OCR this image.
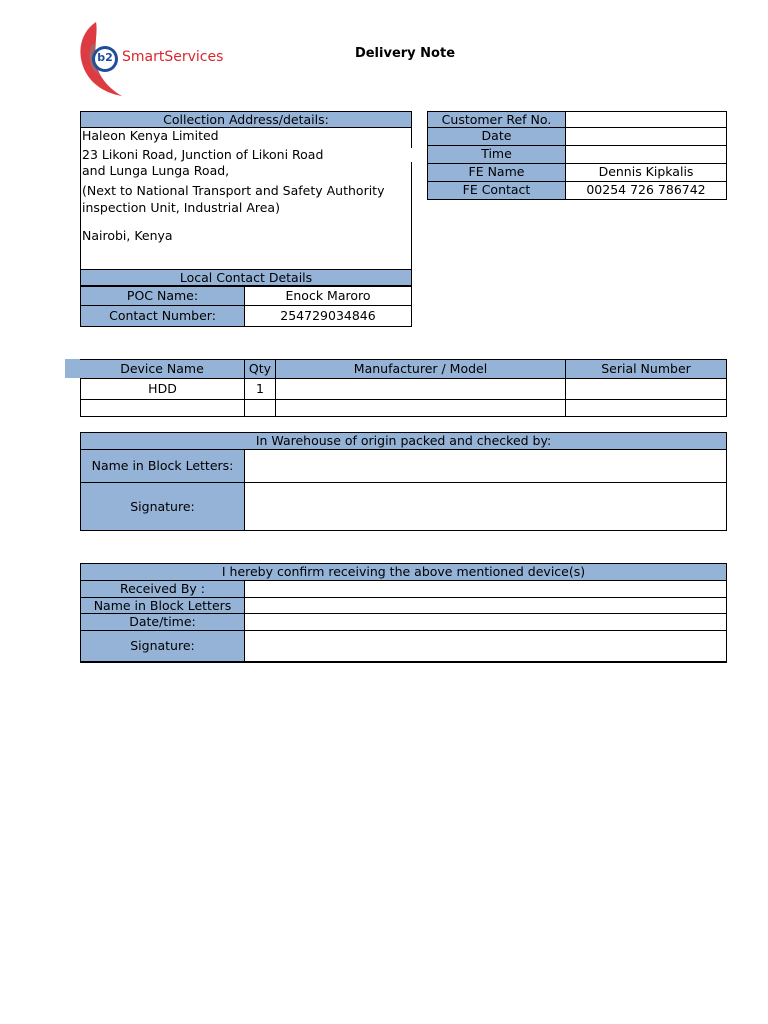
b2 SmartServices	Delivery Note
Collection Address/details:
Haleon Kenya Limited
23 Likoni Road, Junction of Likoni Road
and Lunga Lunga Road,
(Next to National Transport and Safety Authority
inspection Unit, Industrial Area)
Nairobi, Kenya
Local Contact Details
POC Name:	Enock Maroro
Contact Number:	254729034846
Customer Ref No.
Date
Time
FE Name	Dennis Kipkalis
FE Contact	00254 726 786742
Device Name	Qty	Manufacturer / Model	Serial Number
HDD	1
In Warehouse of origin packed and checked by:
Name in Block Letters:
Signature:
I hereby confirm receiving the above mentioned device(s)
Received By :
Name in Block Letters
Date/time:
Signature:
